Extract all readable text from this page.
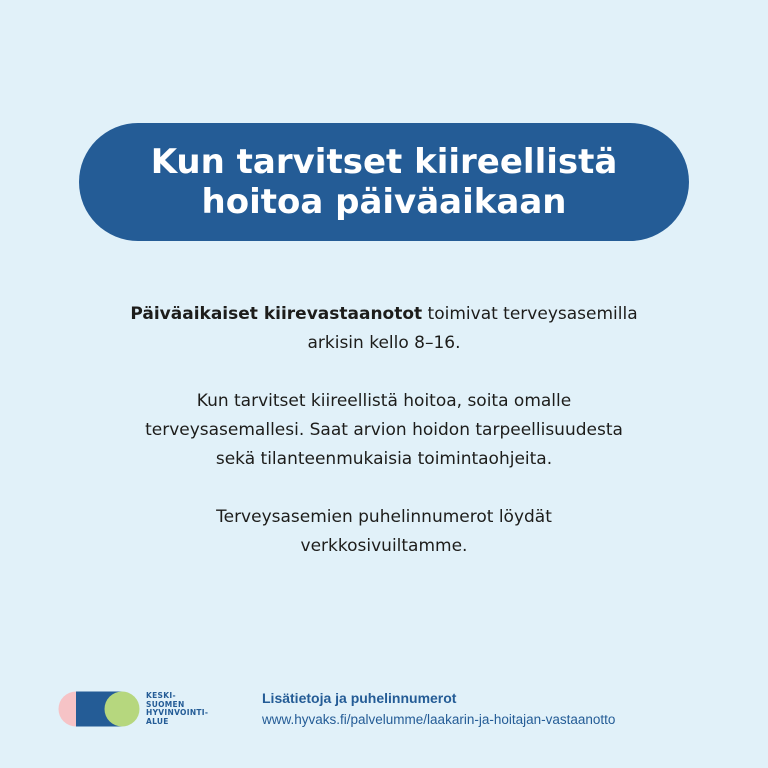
Kun tarvitset kiireellistä
hoitoa päiväaikaan

Päiväaikaiset kiirevastaanotot toimivat terveysasemilla
arkisin kello 8–16.

Kun tarvitset kiireellistä hoitoa, soita omalle
terveysasemallesi. Saat arvion hoidon tarpeellisuudesta
sekä tilanteenmukaisia toimintaohjeita.

Terveysasemien puhelinnumerot löydät
verkkosivuiltamme.

KESKI-
SUOMEN
HYVINVOINTI-
ALUE
Lisätietoja ja puhelinnumerot
www.hyvaks.fi/palvelumme/laakarin-ja-hoitajan-vastaanotto
